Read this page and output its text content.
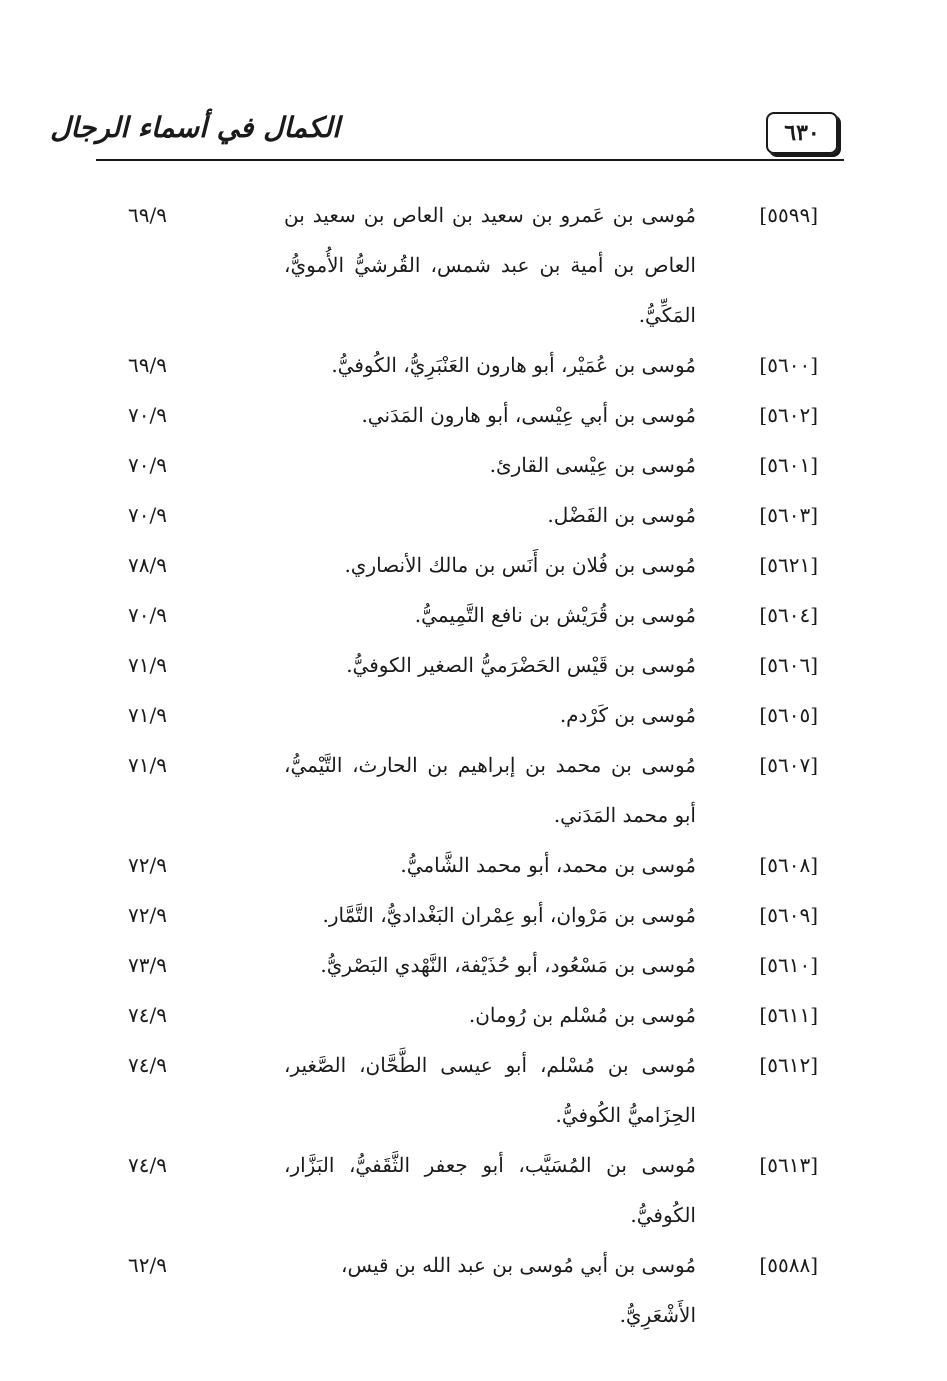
الكمال في أسماء الرجال	٦٣٠
[٥٥٩٩]
مُوسى بن عَمرو بن سعيد بن العاص بن سعيد بن العاص بن أمية بن عبد شمس، القُرشيُّ الأُمويُّ، المَكِّيُّ.
٦٩/٩
[٥٦٠٠]
مُوسى بن عُمَيْر، أبو هارون العَنْبَرِيُّ، الكُوفيُّ.
٦٩/٩
[٥٦٠٢]
مُوسى بن أبي عِيْسى، أبو هارون المَدَني.
٧٠/٩
[٥٦٠١]
مُوسى بن عِيْسى القارئ.
٧٠/٩
[٥٦٠٣]
مُوسى بن الفَضْل.
٧٠/٩
[٥٦٢١]
مُوسى بن فُلان بن أَنَس بن مالك الأنصاري.
٧٨/٩
[٥٦٠٤]
مُوسى بن قُرَيْش بن نافع التَّمِيميُّ.
٧٠/٩
[٥٦٠٦]
مُوسى بن قَيْس الحَضْرَميُّ الصغير الكوفيُّ.
٧١/٩
[٥٦٠٥]
مُوسى بن كَرْدم.
٧١/٩
[٥٦٠٧]
مُوسى بن محمد بن إبراهيم بن الحارث، التَّيْميُّ، أبو محمد المَدَني.
٧١/٩
[٥٦٠٨]
مُوسى بن محمد، أبو محمد الشَّاميُّ.
٧٢/٩
[٥٦٠٩]
مُوسى بن مَرْوان، أبو عِمْران البَغْداديُّ، التَّمَّار.
٧٢/٩
[٥٦١٠]
مُوسى بن مَسْعُود، أبو حُذَيْفة، النَّهْدي البَصْريُّ.
٧٣/٩
[٥٦١١]
مُوسى بن مُسْلم بن رُومان.
٧٤/٩
[٥٦١٢]
مُوسى بن مُسْلم، أبو عيسى الطَّحَّان، الصَّغير، الحِزَاميُّ الكُوفيُّ.
٧٤/٩
[٥٦١٣]
مُوسى بن المُسَيَّب، أبو جعفر الثَّقَفيُّ، البَزَّار، الكُوفيُّ.
٧٤/٩
[٥٥٨٨]
مُوسى بن أبي مُوسى بن عبد الله بن قيس، الأَشْعَرِيُّ.
٦٢/٩
